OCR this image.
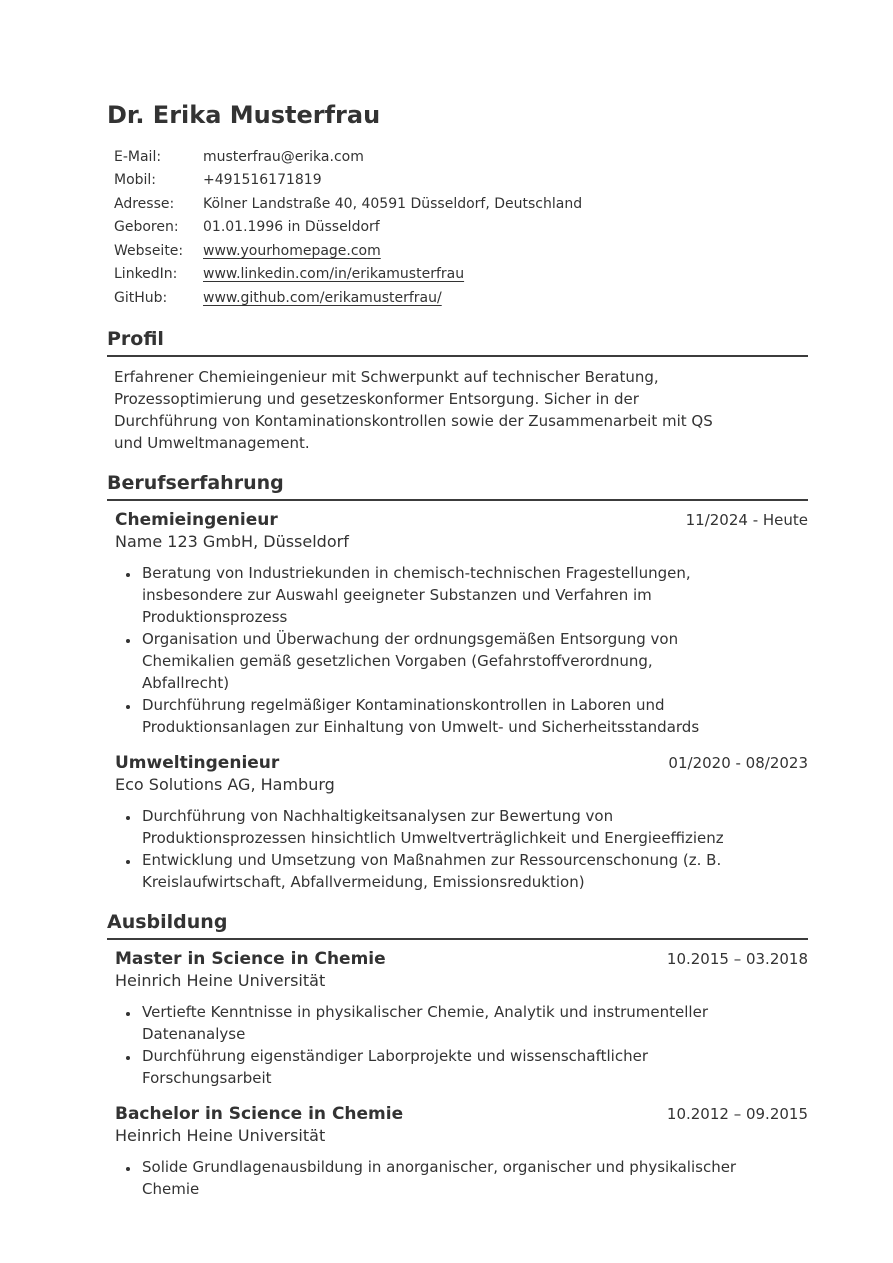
Dr. Erika Musterfrau
E-Mail:	musterfrau@erika.com
Mobil:	+491516171819
Adresse:	Kölner Landstraße 40, 40591 Düsseldorf, Deutschland
Geboren:	01.01.1996 in Düsseldorf
Webseite:	www.yourhomepage.com
LinkedIn:	www.linkedin.com/in/erikamusterfrau
GitHub:	www.github.com/erikamusterfrau/
Profil

Erfahrener Chemieingenieur mit Schwerpunkt auf technischer Beratung, Prozessoptimierung und gesetzeskonformer Entsorgung. Sicher in der Durchführung von Kontaminationskontrollen sowie der Zusammenarbeit mit QS und Umweltmanagement.

Berufserfahrung
Chemieingenieur	11/2024 - Heute
Name 123 GmbH, Düsseldorf
• Beratung von Industriekunden in chemisch-technischen Fragestellungen, insbesondere zur Auswahl geeigneter Substanzen und Verfahren im Produktionsprozess
• Organisation und Überwachung der ordnungsgemäßen Entsorgung von Chemikalien gemäß gesetzlichen Vorgaben (Gefahrstoffverordnung, Abfallrecht)
• Durchführung regelmäßiger Kontaminationskontrollen in Laboren und Produktionsanlagen zur Einhaltung von Umwelt- und Sicherheitsstandards
Umweltingenieur	01/2020 - 08/2023
Eco Solutions AG, Hamburg
• Durchführung von Nachhaltigkeitsanalysen zur Bewertung von Produktionsprozessen hinsichtlich Umweltverträglichkeit und Energieeffizienz
• Entwicklung und Umsetzung von Maßnahmen zur Ressourcenschonung (z. B. Kreislaufwirtschaft, Abfallvermeidung, Emissionsreduktion)
Ausbildung
Master in Science in Chemie	10.2015 – 03.2018
Heinrich Heine Universität
• Vertiefte Kenntnisse in physikalischer Chemie, Analytik und instrumenteller Datenanalyse
• Durchführung eigenständiger Laborprojekte und wissenschaftlicher Forschungsarbeit
Bachelor in Science in Chemie	10.2012 – 09.2015
Heinrich Heine Universität
• Solide Grundlagenausbildung in anorganischer, organischer und physikalischer Chemie
